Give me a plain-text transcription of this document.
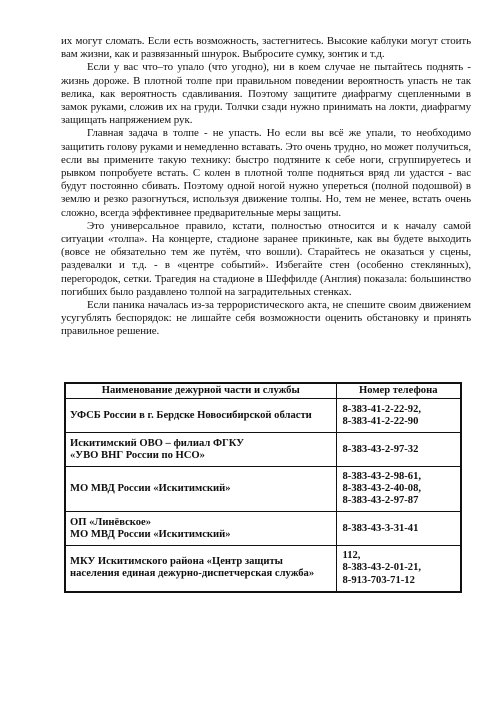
их могут сломать. Если есть возможность, застегнитесь. Высокие каблуки могут стоить вам жизни, как и развязанный шнурок. Выбросите сумку, зонтик и т.д.

Если у вас что–то упало (что угодно), ни в коем случае не пытайтесь поднять - жизнь дороже. В плотной толпе при правильном поведении вероятность упасть не так велика, как вероятность сдавливания. Поэтому защитите диафрагму сцепленными в замок руками, сложив их на груди. Толчки сзади нужно принимать на локти, диафрагму защищать напряжением рук.

Главная задача в толпе - не упасть. Но если вы всё же упали, то необходимо защитить голову руками и немедленно вставать. Это очень трудно, но может получиться, если вы примените такую технику: быстро подтяните к себе ноги, сгруппируетесь и рывком попробуете встать. С колен в плотной толпе подняться вряд ли удастся - вас будут постоянно сбивать. Поэтому одной ногой нужно упереться (полной подошвой) в землю и резко разогнуться, используя движение толпы. Но, тем не менее, встать очень сложно, всегда эффективнее предварительные меры защиты.

Это универсальное правило, кстати, полностью относится и к началу самой ситуации «толпа». На концерте, стадионе заранее прикиньте, как вы будете выходить (вовсе не обязательно тем же путём, что вошли). Старайтесь не оказаться у сцены, раздевалки и т.д. - в «центре событий». Избегайте стен (особенно стеклянных), перегородок, сетки. Трагедия на стадионе в Шеффилде (Англия) показала: большинство погибших было раздавлено толпой на заградительных стенках.

Если паника началась из-за террористического акта, не спешите своим движением усугублять беспорядок: не лишайте себя возможности оценить обстановку и принять правильное решение.

Наименование дежурной части и службы	Номер телефона

УФСБ России в г. Бердске Новосибирской области	8-383-41-2-22-92,
8-383-41-2-22-90

Искитимский ОВО – филиал ФГКУ
«УВО ВНГ России по НСО»	8-383-43-2-97-32

МО МВД России «Искитимский»	8-383-43-2-98-61,
8-383-43-2-40-08,
8-383-43-2-97-87

ОП «Линёвское»
МО МВД России «Искитимский»	8-383-43-3-31-41

МКУ Искитимского района «Центр защиты
населения единая дежурно-диспетчерская служба»	112,
8-383-43-2-01-21,
8-913-703-71-12
